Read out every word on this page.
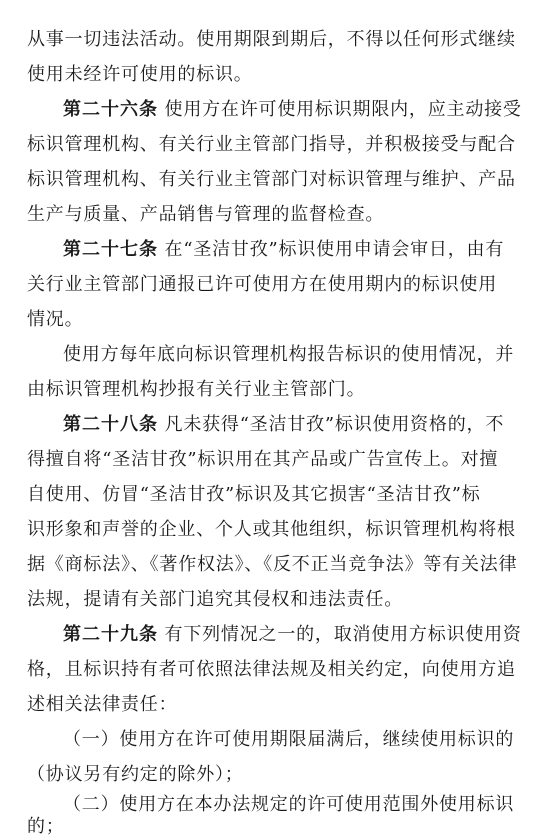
从事一切违法活动。使用期限到期后，不得以任何形式继续
使用未经许可使用的标识。
第二十六条 使用方在许可使用标识期限内，应主动接受
标识管理机构、有关行业主管部门指导，并积极接受与配合
标识管理机构、有关行业主管部门对标识管理与维护、产品
生产与质量、产品销售与管理的监督检查。
第二十七条 在“圣洁甘孜”标识使用申请会审日，由有
关行业主管部门通报已许可使用方在使用期内的标识使用
情况。
使用方每年底向标识管理机构报告标识的使用情况，并
由标识管理机构抄报有关行业主管部门。
第二十八条 凡未获得“圣洁甘孜”标识使用资格的，不
得擅自将“圣洁甘孜”标识用在其产品或广告宣传上。对擅
自使用、仿冒“圣洁甘孜”标识及其它损害“圣洁甘孜”标
识形象和声誉的企业、个人或其他组织，标识管理机构将根
据《商标法》、《著作权法》、《反不正当竞争法》等有关法律
法规，提请有关部门追究其侵权和违法责任。
第二十九条 有下列情况之一的，取消使用方标识使用资
格，且标识持有者可依照法律法规及相关约定，向使用方追
述相关法律责任：
（一）使用方在许可使用期限届满后，继续使用标识的
（协议另有约定的除外）；
（二）使用方在本办法规定的许可使用范围外使用标识
的；
